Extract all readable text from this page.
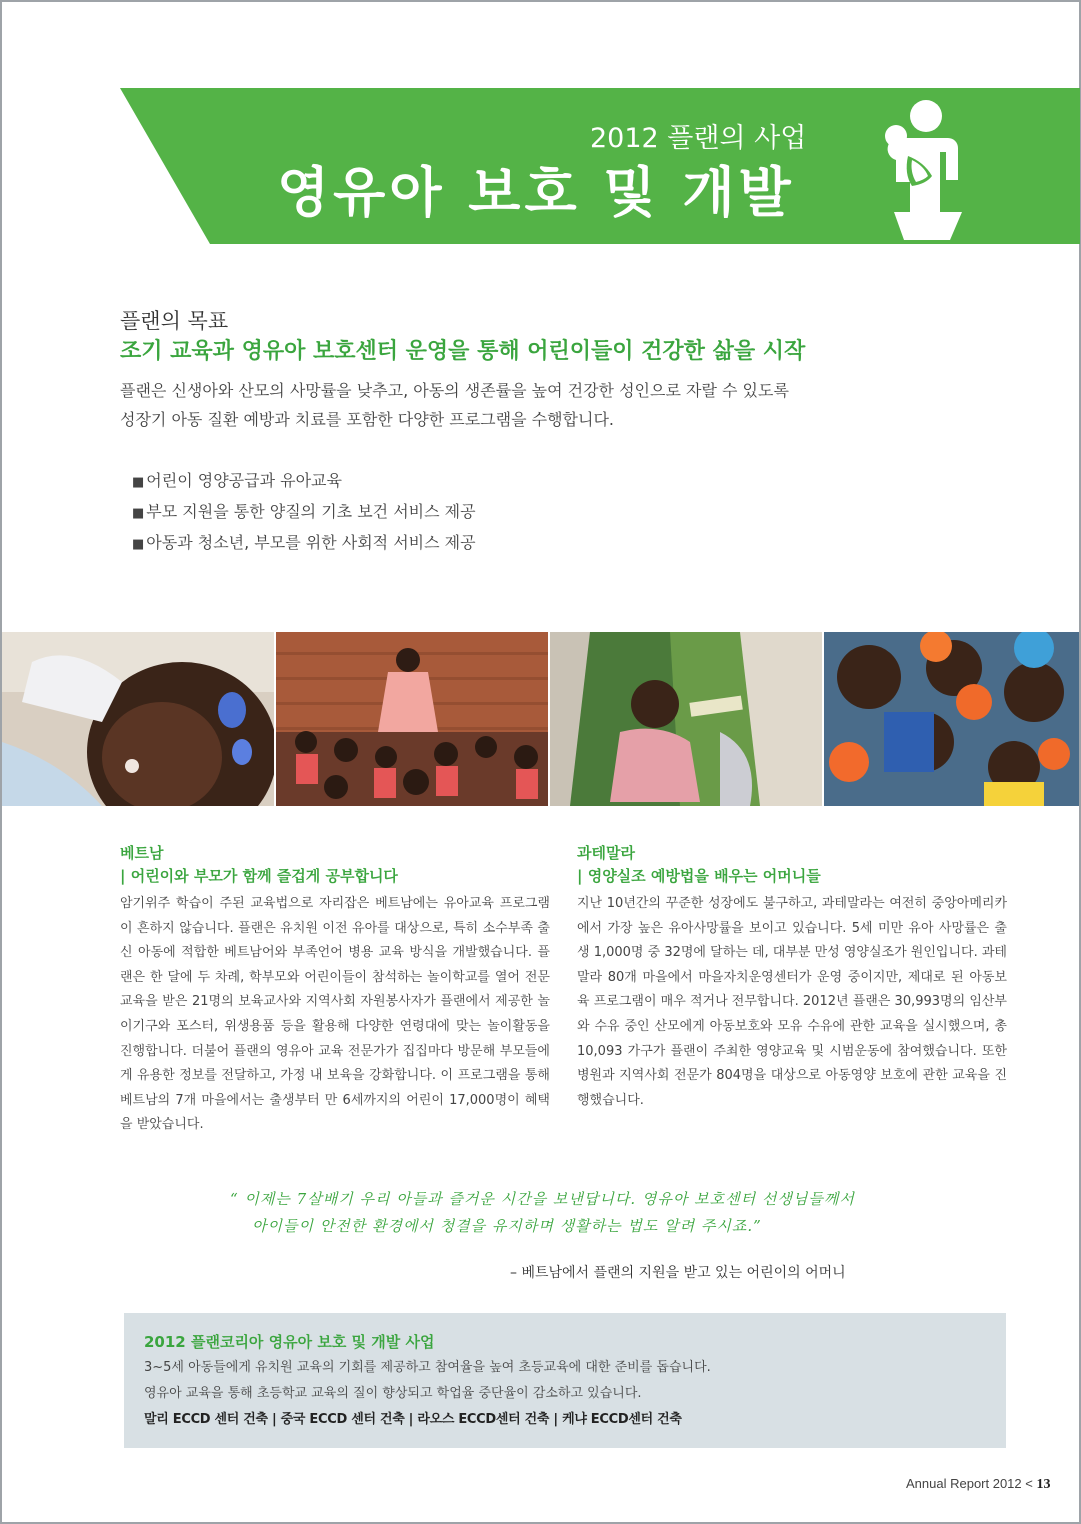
2012 플랜의 사업
영유아 보호 및 개발
플랜의 목표
조기 교육과 영유아 보호센터 운영을 통해 어린이들이 건강한 삶을 시작
플랜은 신생아와 산모의 사망률을 낮추고, 아동의 생존률을 높여 건강한 성인으로 자랄 수 있도록
성장기 아동 질환 예방과 치료를 포함한 다양한 프로그램을 수행합니다.
■ 어린이 영양공급과 유아교육
■ 부모 지원을 통한 양질의 기초 보건 서비스 제공
■ 아동과 청소년, 부모를 위한 사회적 서비스 제공
베트남
| 어린이와 부모가 함께 즐겁게 공부합니다
암기위주 학습이 주된 교육법으로 자리잡은 베트남에는 유아교육 프로그램이 흔하지 않습니다. 플랜은 유치원 이전 유아를 대상으로, 특히 소수부족 출신 아동에 적합한 베트남어와 부족언어 병용 교육 방식을 개발했습니다. 플랜은 한 달에 두 차례, 학부모와 어린이들이 참석하는 놀이학교를 열어 전문교육을 받은 21명의 보육교사와 지역사회 자원봉사자가 플랜에서 제공한 놀이기구와 포스터, 위생용품 등을 활용해 다양한 연령대에 맞는 놀이활동을 진행합니다. 더불어 플랜의 영유아 교육 전문가가 집집마다 방문해 부모들에게 유용한 정보를 전달하고, 가정 내 보육을 강화합니다. 이 프로그램을 통해 베트남의 7개 마을에서는 출생부터 만 6세까지의 어린이 17,000명이 혜택을 받았습니다.
과테말라
| 영양실조 예방법을 배우는 어머니들
지난 10년간의 꾸준한 성장에도 불구하고, 과테말라는 여전히 중앙아메리카에서 가장 높은 유아사망률을 보이고 있습니다. 5세 미만 유아 사망률은 출생 1,000명 중 32명에 달하는 데, 대부분 만성 영양실조가 원인입니다. 과테말라 80개 마을에서 마을자치운영센터가 운영 중이지만, 제대로 된 아동보육 프로그램이 매우 적거나 전무합니다. 2012년 플랜은 30,993명의 임산부와 수유 중인 산모에게 아동보호와 모유 수유에 관한 교육을 실시했으며, 총 10,093 가구가 플랜이 주최한 영양교육 및 시범운동에 참여했습니다. 또한 병원과 지역사회 전문가 804명을 대상으로 아동영양 보호에 관한 교육을 진행했습니다.
“ 이제는 7살배기 우리 아들과 즐거운 시간을 보낸답니다. 영유아 보호센터 선생님들께서
아이들이 안전한 환경에서 청결을 유지하며 생활하는 법도 알려 주시죠.”
– 베트남에서 플랜의 지원을 받고 있는 어린이의 어머니
2012 플랜코리아 영유아 보호 및 개발 사업
3~5세 아동들에게 유치원 교육의 기회를 제공하고 참여율을 높여 초등교육에 대한 준비를 돕습니다.
영유아 교육을 통해 초등학교 교육의 질이 향상되고 학업율 중단율이 감소하고 있습니다.
말리 ECCD 센터 건축 | 중국 ECCD 센터 건축 | 라오스 ECCD센터 건축 | 케냐 ECCD센터 건축
Annual Report 2012 < 13
